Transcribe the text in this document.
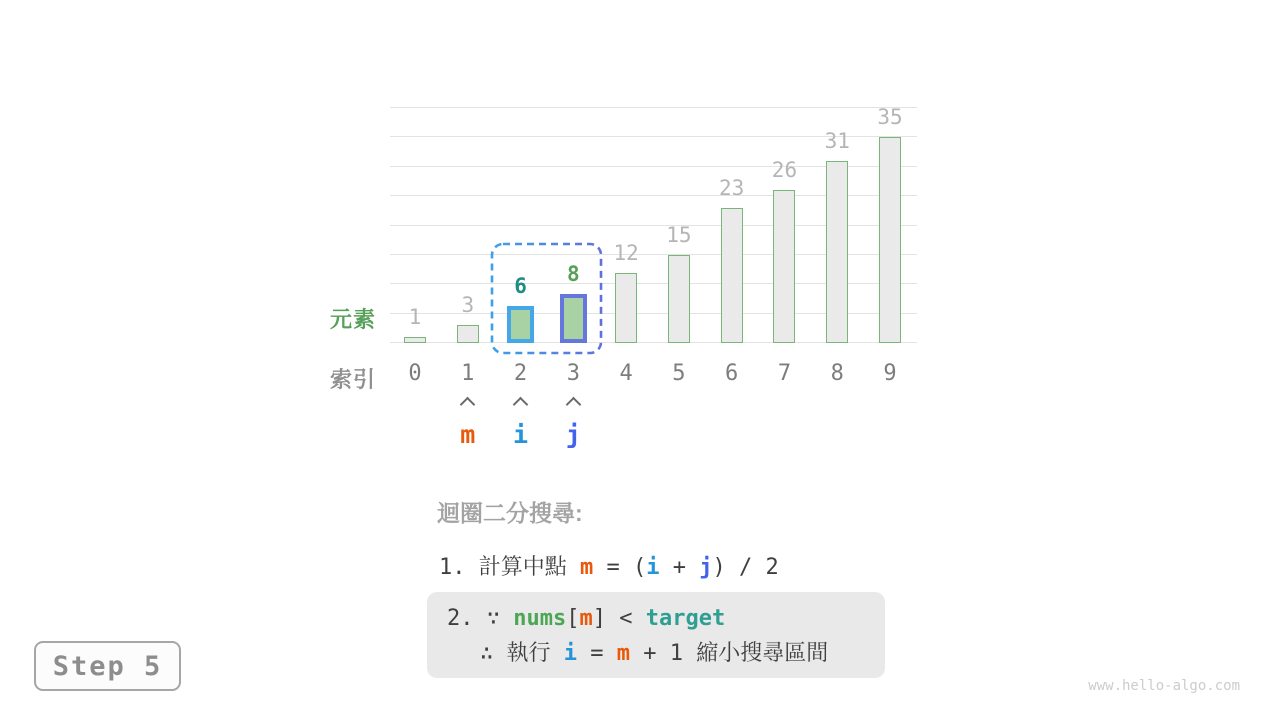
1	3
6	8
12
15
23
26
31
35
元素
索引	0	1	2	3	4	5	6	7	8	9
m	i	j
迴圈二分搜尋:
1. 計算中點 m = (i + j) / 2
2. ∵ nums[m] < target
∴ 執行 i = m + 1 縮小搜尋區間
Step 5
www.hello-algo.com
